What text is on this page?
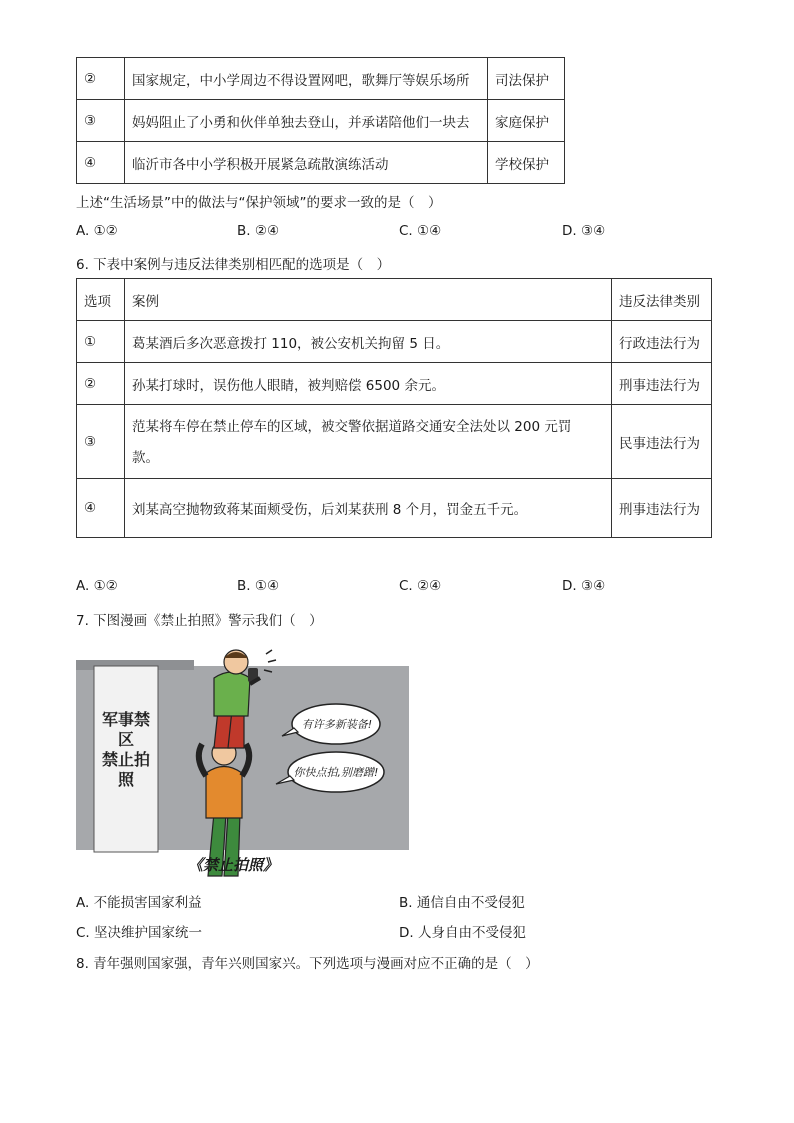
②	国家规定，中小学周边不得设置网吧，歌舞厅等娱乐场所	司法保护
③	妈妈阻止了小勇和伙伴单独去登山，并承诺陪他们一块去	家庭保护
④	临沂市各中小学积极开展紧急疏散演练活动	学校保护
上述“生活场景”中的做法与“保护领域”的要求一致的是（　）
A. ①②	B. ②④	C. ①④	D. ③④
6. 下表中案例与违反法律类别相匹配的选项是（　）
选项	案例	违反法律类别
①	葛某酒后多次恶意拨打 110，被公安机关拘留 5 日。	行政违法行为
②	孙某打球时，误伤他人眼睛，被判赔偿 6500 余元。	刑事违法行为
③	范某将车停在禁止停车的区域，被交警依据道路交通安全法处以 200 元罚
款。	民事违法行为
④	刘某高空抛物致蒋某面颊受伤，后刘某获刑 8 个月，罚金五千元。	刑事违法行为
A. ①②	B. ①④	C. ②④	D. ③④
7. 下图漫画《禁止拍照》警示我们（　）
军事禁区
禁止拍照
有许多新装备!
你快点拍,别磨蹭!
《禁止拍照》
A. 不能损害国家利益	B. 通信自由不受侵犯
C. 坚决维护国家统一	D. 人身自由不受侵犯
8. 青年强则国家强，青年兴则国家兴。下列选项与漫画对应不正确的是（　）
